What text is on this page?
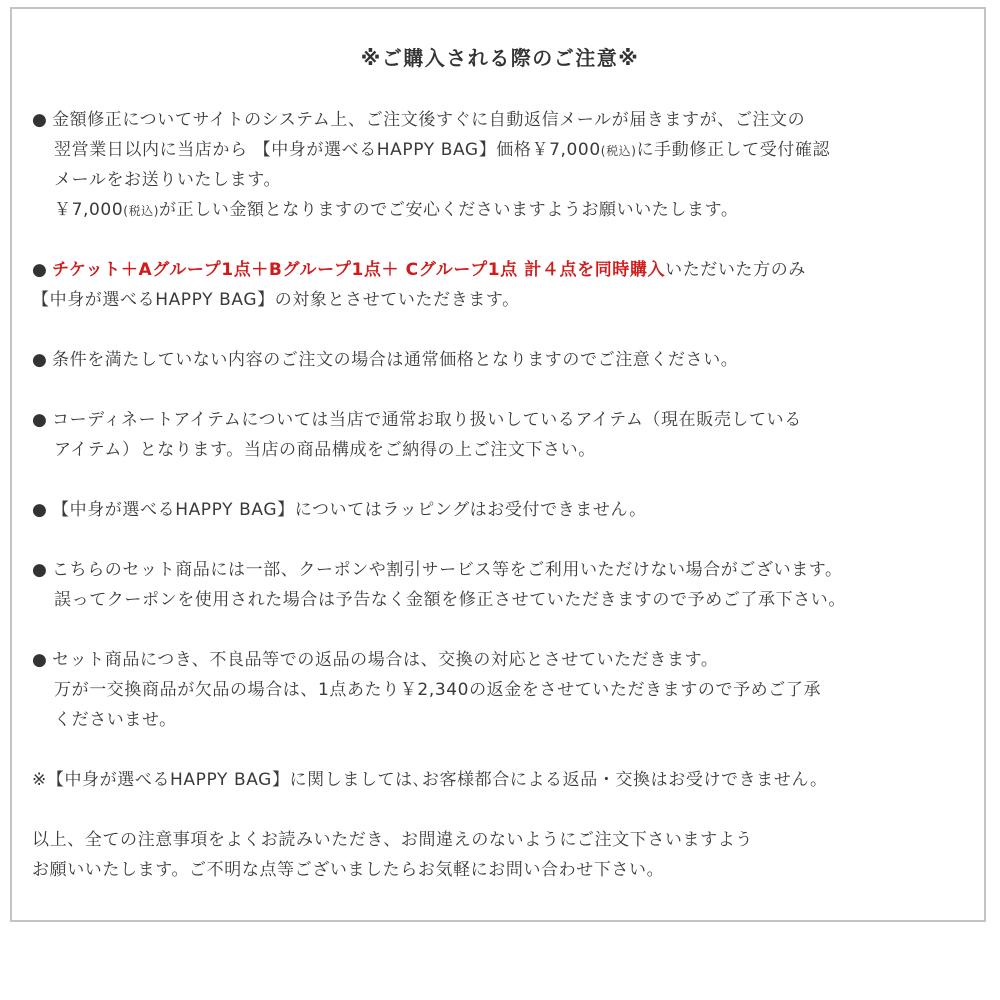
※ご購入される際のご注意※
● 金額修正についてサイトのシステム上、ご注文後すぐに自動返信メールが届きますが、ご注文の
翌営業日以内に当店から 【中身が選べるHAPPY BAG】価格￥7,000(税込)に手動修正して受付確認
メールをお送りいたします。
￥7,000(税込)が正しい金額となりますのでご安心くださいますようお願いいたします。
● チケット＋Aグループ1点＋Bグループ1点＋ Cグループ1点 計４点を同時購入いただいた方のみ
【中身が選べるHAPPY BAG】の対象とさせていただきます。
● 条件を満たしていない内容のご注文の場合は通常価格となりますのでご注意ください。
● コーディネートアイテムについては当店で通常お取り扱いしているアイテム（現在販売している
アイテム）となります。当店の商品構成をご納得の上ご注文下さい。
● 【中身が選べるHAPPY BAG】についてはラッピングはお受付できません。
● こちらのセット商品には一部、クーポンや割引サービス等をご利用いただけない場合がございます。
誤ってクーポンを使用された場合は予告なく金額を修正させていただきますので予めご了承下さい。
● セット商品につき、不良品等での返品の場合は、交換の対応とさせていただきます。
万が一交換商品が欠品の場合は、1点あたり￥2,340の返金をさせていただきますので予めご了承
くださいませ。
※【中身が選べるHAPPY BAG】に関しましては､お客様都合による返品・交換はお受けできません。
以上、全ての注意事項をよくお読みいただき、お間違えのないようにご注文下さいますよう
お願いいたします。ご不明な点等ございましたらお気軽にお問い合わせ下さい。
